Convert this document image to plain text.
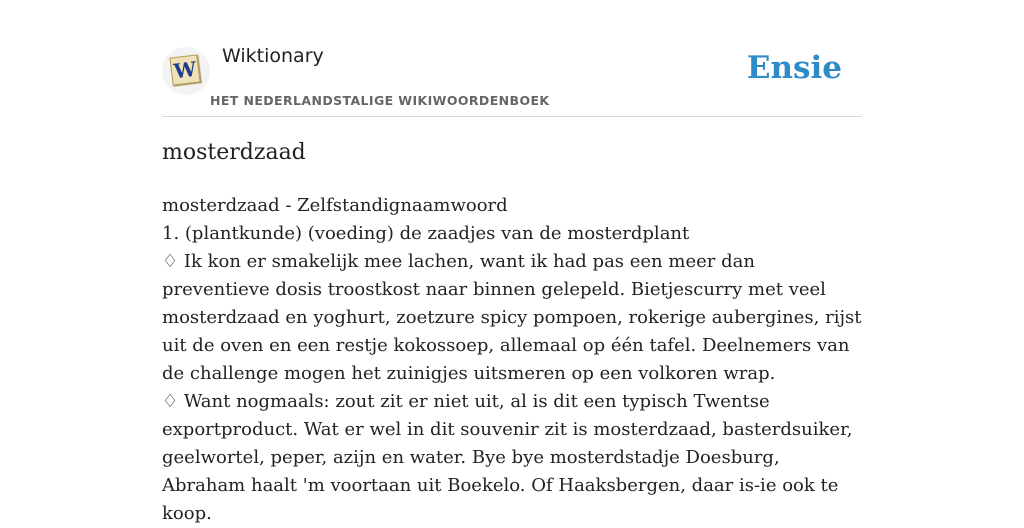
W
Wiktionary
HET NEDERLANDSTALIGE WIKIWOORDENBOEK
Ensie
mosterdzaad

mosterdzaad - Zelfstandignaamwoord

1. (plantkunde) (voeding) de zaadjes van de mosterdplant

♢ Ik kon er smakelijk mee lachen, want ik had pas een meer dan preventieve dosis troostkost naar binnen gelepeld. Bietjescurry met veel mosterdzaad en yoghurt, zoetzure spicy pompoen, rokerige aubergines, rijst uit de oven en een restje kokossoep, allemaal op één tafel. Deelnemers van de challenge mogen het zuinigjes uitsmeren op een volkoren wrap.

♢ Want nogmaals: zout zit er niet uit, al is dit een typisch Twentse exportproduct. Wat er wel in dit souvenir zit is mosterdzaad, basterdsuiker, geelwortel, peper, azijn en water. Bye bye mosterdstadje Doesburg, Abraham haalt 'm voortaan uit Boekelo. Of Haaksbergen, daar is-ie ook te koop.
